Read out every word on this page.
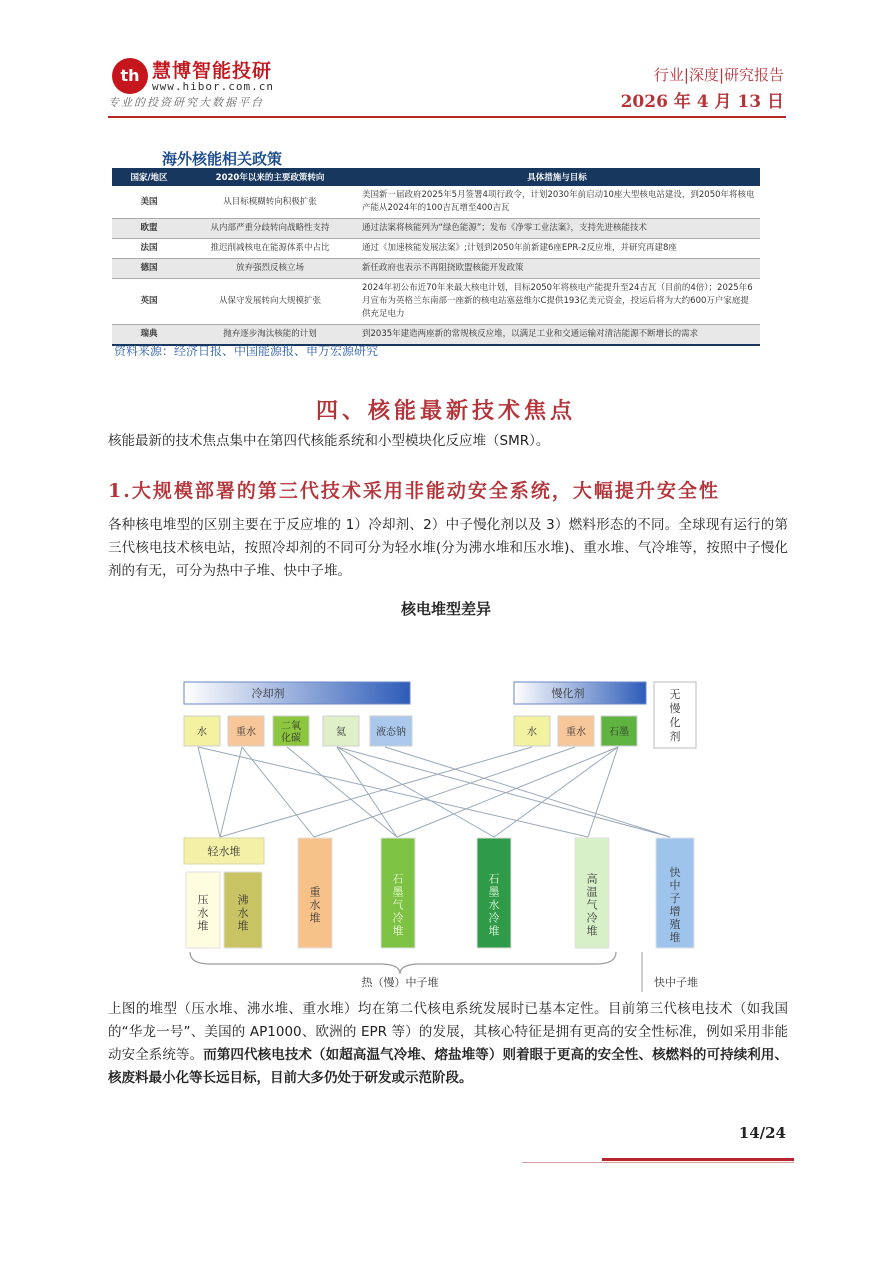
th 慧博智能投研
www.hibor.com.cn
专业的投资研究大数据平台
行业|深度|研究报告
2026 年 4 月 13 日
海外核能相关政策
国家/地区	2020年以来的主要政策转向	具体措施与目标
美国	从目标模糊转向积极扩张	美国新一届政府2025年5月签署4项行政令，计划2030年前启动10座大型核电站建设，到2050年将核电产能从2024年的100吉瓦增至400吉瓦
欧盟	从内部严重分歧转向战略性支持	通过法案将核能列为“绿色能源”；发布《净零工业法案》，支持先进核能技术
法国	推迟削减核电在能源体系中占比	通过《加速核能发展法案》;计划到2050年前新建6座EPR-2反应堆，并研究再建8座
德国	放弃强烈反核立场	新任政府也表示不再阻挠欧盟核能开发政策
英国	从保守发展转向大规模扩张	2024年初公布近70年来最大核电计划，目标2050年将核电产能提升至24吉瓦（目前的4倍）；2025年6月宣布为英格兰东南部一座新的核电站塞兹维尔C提供193亿美元资金，投运后将为大约600万户家庭提供充足电力
瑞典	抛弃逐步淘汰核能的计划	到2035年建造两座新的常规核反应堆，以满足工业和交通运输对清洁能源不断增长的需求
资料来源：经济日报、中国能源报、申万宏源研究
四、核能最新技术焦点
核能最新的技术焦点集中在第四代核能系统和小型模块化反应堆（SMR）。
1.大规模部署的第三代技术采用非能动安全系统，大幅提升安全性
各种核电堆型的区别主要在于反应堆的 1）冷却剂、2）中子慢化剂以及 3）燃料形态的不同。全球现有运行的第三代核电技术核电站，按照冷却剂的不同可分为轻水堆(分为沸水堆和压水堆)、重水堆、气冷堆等，按照中子慢化剂的有无，可分为热中子堆、快中子堆。
核电堆型差异
冷却剂	慢化剂	无
慢
化
剂
水	重水
二氧
化碳
氦	液态钠	水	重水 石墨
轻水堆
压
水
堆
沸
水
堆
重
水
堆
石
墨
气
冷
堆
石
墨
水
冷
堆
高
温
气
冷
堆
快
中
子
增
殖
堆
热（慢）中子堆	快中子堆
上图的堆型（压水堆、沸水堆、重水堆）均在第二代核电系统发展时已基本定性。目前第三代核电技术（如我国的“华龙一号”、美国的 AP1000、欧洲的 EPR 等）的发展，其核心特征是拥有更高的安全性标准，例如采用非能动安全系统等。而第四代核电技术（如超高温气冷堆、熔盐堆等）则着眼于更高的安全性、核燃料的可持续利用、核废料最小化等长远目标，目前大多仍处于研发或示范阶段。
14/24
